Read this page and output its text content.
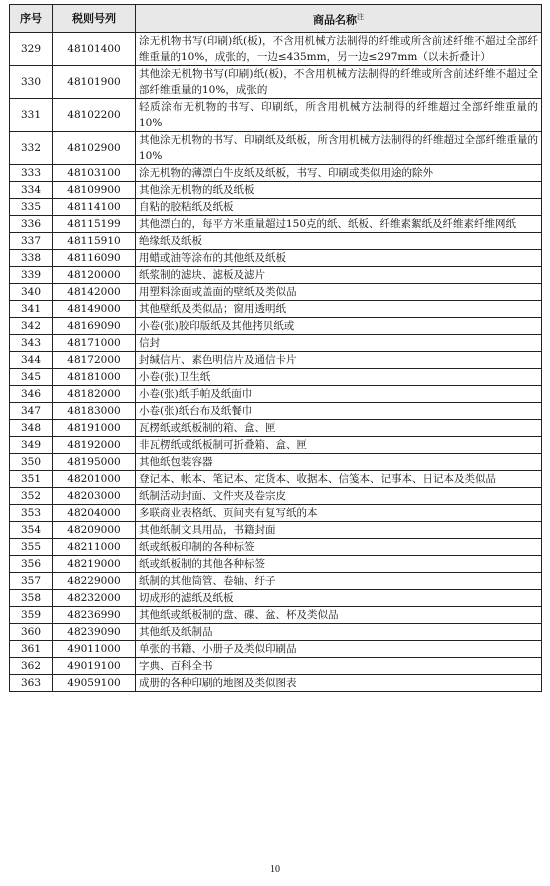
序号	税则号列	商品名称$^注$
329	48101400	涂无机物书写(印刷)纸(板)，不含用机械方法制得的纤维或所含前述纤维不超过全部纤维重量的10%，成张的，一边≤435mm，另一边≤297mm（以未折叠计）
330	48101900	其他涂无机物书写(印刷)纸(板)，不含用机械方法制得的纤维或所含前述纤维不超过全部纤维重量的10%，成张的
331	48102200	轻质涂布无机物的书写、印刷纸，所含用机械方法制得的纤维超过全部纤维重量的10%
332	48102900	其他涂无机物的书写、印刷纸及纸板，所含用机械方法制得的纤维超过全部纤维重量的10%
333	48103100	涂无机物的薄漂白牛皮纸及纸板，书写、印刷或类似用途的除外
334	48109900	其他涂无机物的纸及纸板
335	48114100	自粘的胶粘纸及纸板
336	48115199	其他漂白的，每平方米重量超过150克的纸、纸板、纤维素絮纸及纤维素纤维网纸
337	48115910	绝缘纸及纸板
338	48116090	用蜡或油等涂布的其他纸及纸板
339	48120000	纸浆制的滤块、滤板及滤片
340	48142000	用塑料涂面或盖面的壁纸及类似品
341	48149000	其他壁纸及类似品；窗用透明纸
342	48169090	小卷(张)胶印版纸及其他拷贝纸或
343	48171000	信封
344	48172000	封缄信片、素色明信片及通信卡片
345	48181000	小卷(张)卫生纸
346	48182000	小卷(张)纸手帕及纸面巾
347	48183000	小卷(张)纸台布及纸餐巾
348	48191000	瓦楞纸或纸板制的箱、盒、匣
349	48192000	非瓦楞纸或纸板制可折叠箱、盒、匣
350	48195000	其他纸包装容器
351	48201000	登记本、帐本、笔记本、定货本、收据本、信笺本、记事本、日记本及类似品
352	48203000	纸制活动封面、文件夹及卷宗皮
353	48204000	多联商业表格纸、页间夹有复写纸的本
354	48209000	其他纸制文具用品，书籍封面
355	48211000	纸或纸板印制的各种标签
356	48219000	纸或纸板制的其他各种标签
357	48229000	纸制的其他筒管、卷轴、纡子
358	48232000	切成形的滤纸及纸板
359	48236990	其他纸或纸板制的盘、碟、盆、杯及类似品
360	48239090	其他纸及纸制品
361	49011000	单张的书籍、小册子及类似印刷品
362	49019100	字典、百科全书
363	49059100	成册的各种印刷的地图及类似图表
10
